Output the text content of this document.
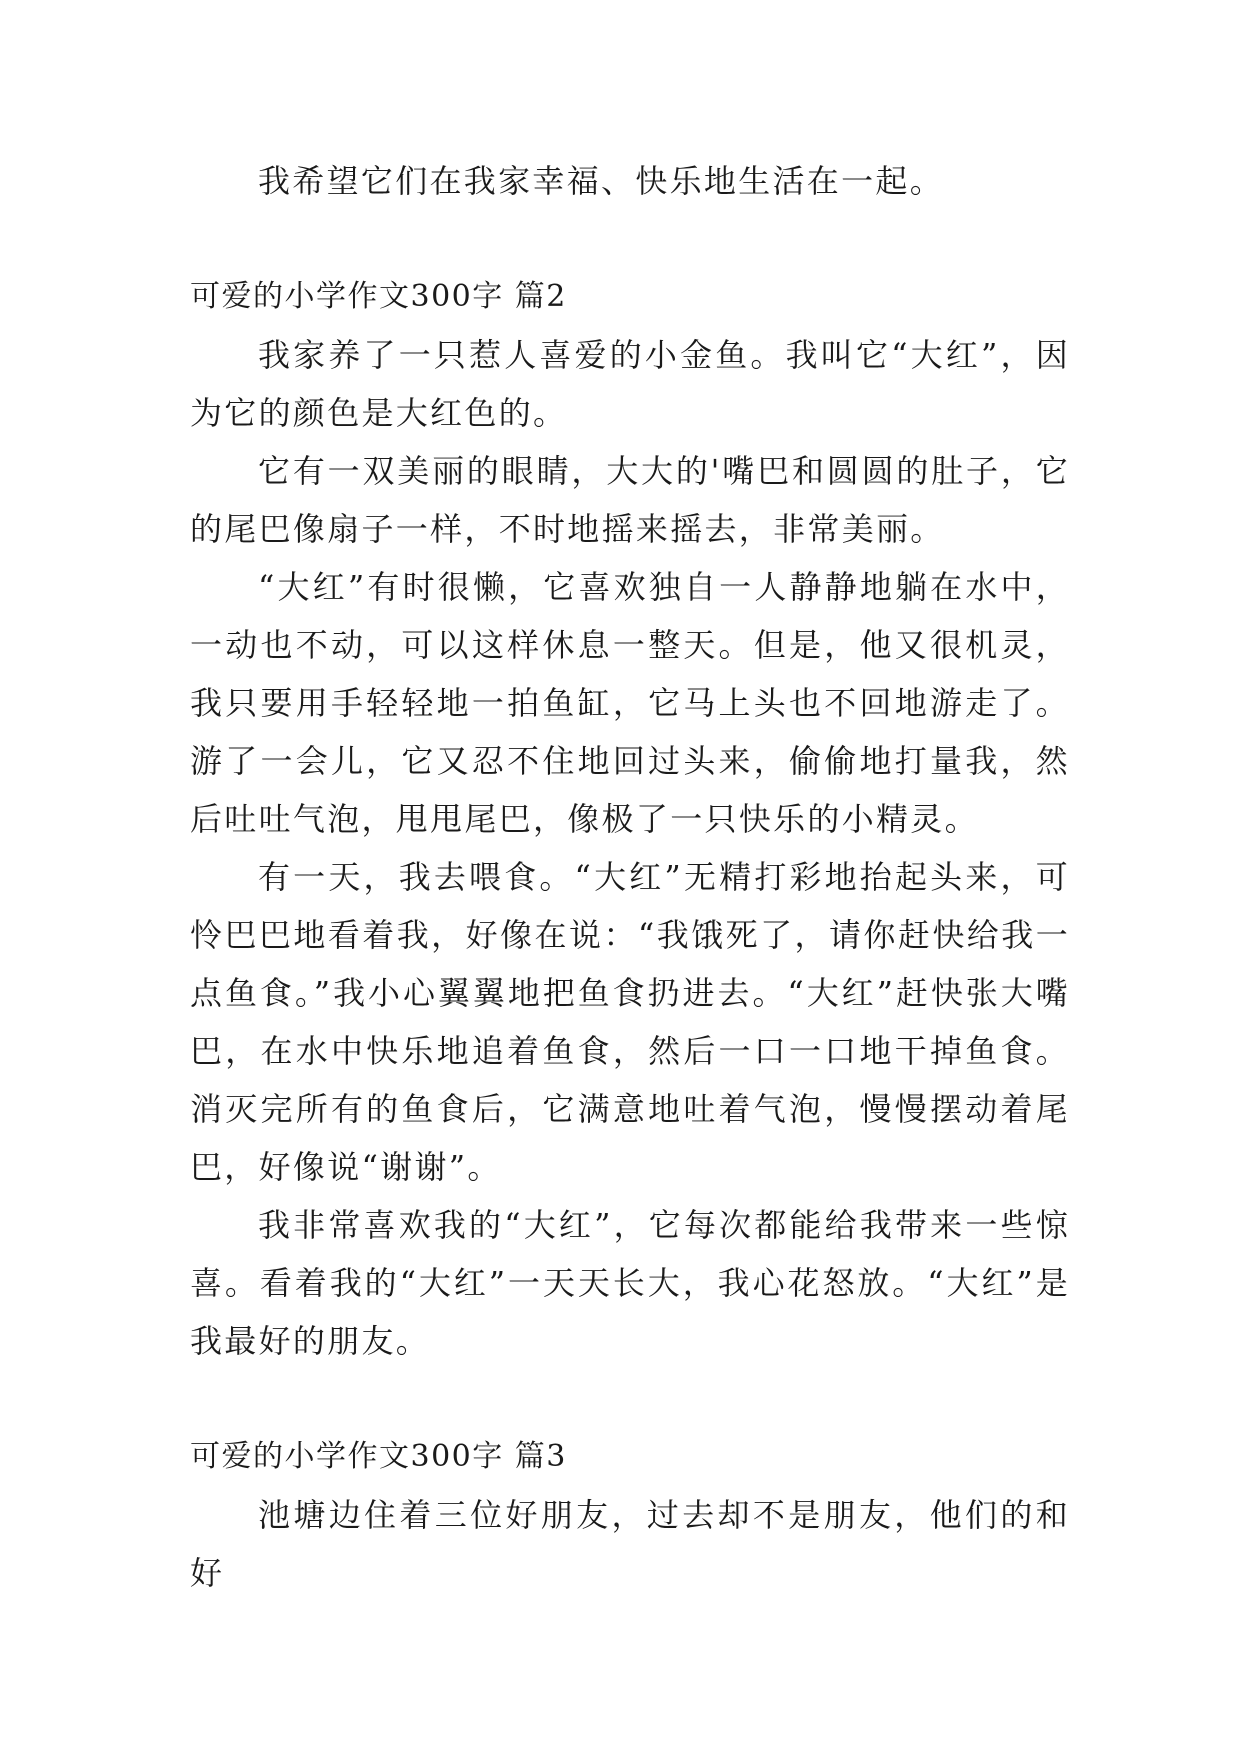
我希望它们在我家幸福、快乐地生活在一起。

可爱的小学作文300字 篇2

我家养了一只惹人喜爱的小金鱼。我叫它“大红”，因为它的颜色是大红色的。

它有一双美丽的眼睛，大大的'嘴巴和圆圆的肚子，它的尾巴像扇子一样，不时地摇来摇去，非常美丽。

“大红”有时很懒，它喜欢独自一人静静地躺在水中，一动也不动，可以这样休息一整天。但是，他又很机灵，我只要用手轻轻地一拍鱼缸，它马上头也不回地游走了。游了一会儿，它又忍不住地回过头来，偷偷地打量我，然后吐吐气泡，甩甩尾巴，像极了一只快乐的小精灵。

有一天，我去喂食。“大红”无精打彩地抬起头来，可怜巴巴地看着我，好像在说：“我饿死了，请你赶快给我一点鱼食。”我小心翼翼地把鱼食扔进去。“大红”赶快张大嘴巴，在水中快乐地追着鱼食，然后一口一口地干掉鱼食。消灭完所有的鱼食后，它满意地吐着气泡，慢慢摆动着尾巴，好像说“谢谢”。

我非常喜欢我的“大红”，它每次都能给我带来一些惊喜。看着我的“大红”一天天长大，我心花怒放。“大红”是我最好的朋友。

可爱的小学作文300字 篇3

池塘边住着三位好朋友，过去却不是朋友，他们的和好
